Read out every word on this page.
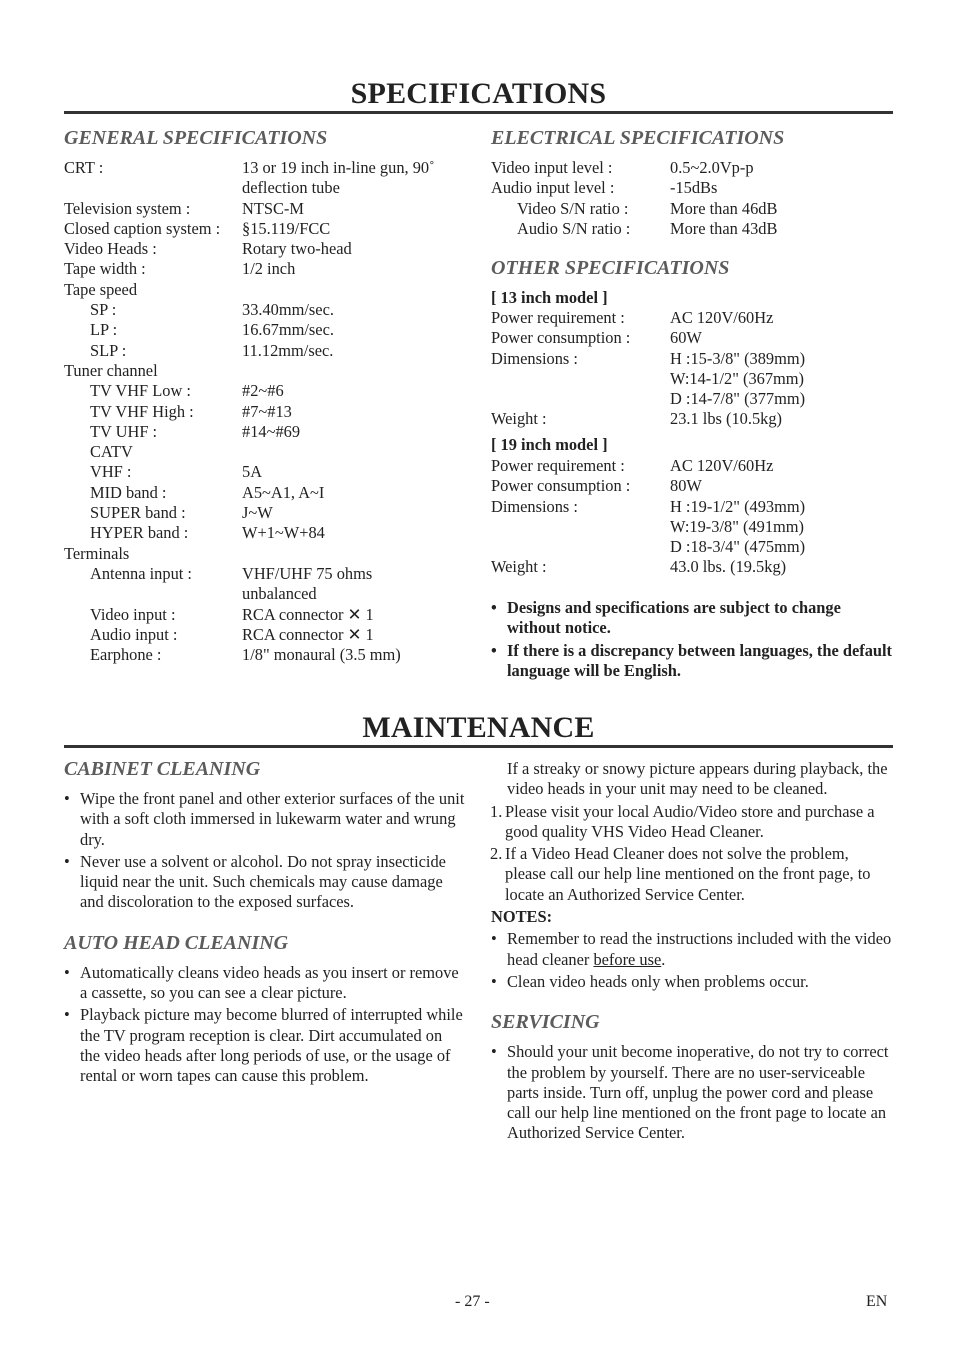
SPECIFICATIONS
GENERAL SPECIFICATIONS
CRT :	13 or 19 inch in-line gun, 90˚
deflection tube
Television system :	NTSC-M
Closed caption system : §15.119/FCC
Video Heads :	Rotary two-head
Tape width :	1/2 inch
Tape speed
SP :	33.40mm/sec.
LP :	16.67mm/sec.
SLP :	11.12mm/sec.
Tuner channel
TV VHF Low :	#2~#6
TV VHF High :	#7~#13
TV UHF :	#14~#69
CATV
VHF :	5A
MID band :	A5~A1, A~I
SUPER band :	J~W
HYPER band :	W+1~W+84
Terminals
Antenna input :	VHF/UHF 75 ohms
unbalanced
Video input :	RCA connector ✕ 1
Audio input :	RCA connector ✕ 1
Earphone :	1/8" monaural (3.5 mm)
ELECTRICAL SPECIFICATIONS
Video input level :	0.5~2.0Vp-p
Audio input level :	-15dBs
Video S/N ratio :	More than 46dB
Audio S/N ratio : More than 43dB
OTHER SPECIFICATIONS
[ 13 inch model ]
Power requirement :	AC 120V/60Hz
Power consumption : 60W
Dimensions :	H :15-3/8" (389mm)
W:14-1/2" (367mm)
D :14-7/8" (377mm)
Weight :	23.1 lbs (10.5kg)
[ 19 inch model ]
Power requirement :	AC 120V/60Hz
Power consumption : 80W
Dimensions :	H :19-1/2" (493mm)
W:19-3/8" (491mm)
D :18-3/4" (475mm)
Weight :	43.0 lbs. (19.5kg)
• Designs and specifications are subject to change without notice.
• If there is a discrepancy between languages, the default language will be English.
MAINTENANCE
CABINET CLEANING
• Wipe the front panel and other exterior surfaces of the unit with a soft cloth immersed in lukewarm water and wrung dry.
• Never use a solvent or alcohol. Do not spray insecticide liquid near the unit. Such chemicals may cause damage and discoloration to the exposed surfaces.
AUTO HEAD CLEANING
• Automatically cleans video heads as you insert or remove a cassette, so you can see a clear picture.
• Playback picture may become blurred of interrupted while the TV program reception is clear. Dirt accumulated on the video heads after long periods of use, or the usage of rental or worn tapes can cause this problem.
If a streaky or snowy picture appears during playback, the video heads in your unit may need to be cleaned.
1. Please visit your local Audio/Video store and purchase a good quality VHS Video Head Cleaner.
2. If a Video Head Cleaner does not solve the problem, please call our help line mentioned on the front page, to locate an Authorized Service Center.
NOTES:
• Remember to read the instructions included with the video head cleaner before use.
• Clean video heads only when problems occur.
SERVICING
• Should your unit become inoperative, do not try to correct the problem by yourself. There are no user-serviceable parts inside. Turn off, unplug the power cord and please call our help line mentioned on the front page to locate an Authorized Service Center.
- 27 -	EN
